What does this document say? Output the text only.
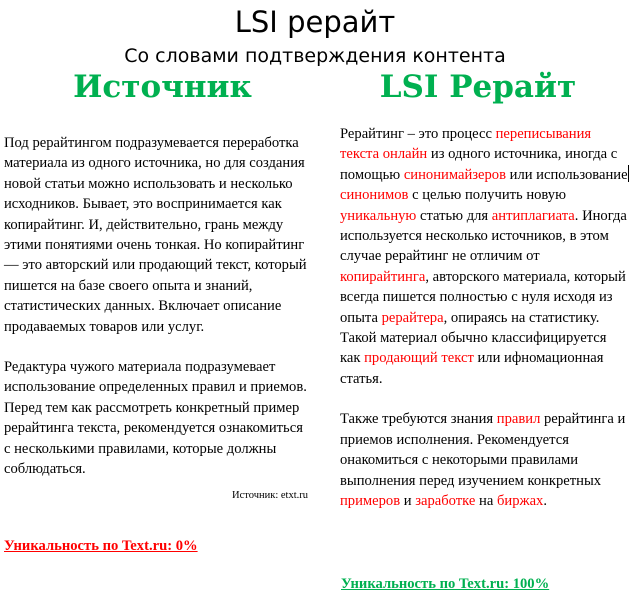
LSI рерайт
Со словами подтверждения контента
Источник	LSI Рерайт

Под рерайтингом подразумевается переработка материала из одного источника, но для создания новой статьи можно использовать и несколько исходников. Бывает, это воспринимается как копирайтинг. И, действительно, грань между этими понятиями очень тонкая. Но копирайтинг — это авторский или продающий текст, который пишется на базе своего опыта и знаний, статистических данных. Включает описание продаваемых товаров или услуг.

Редактура чужого материала подразумевает использование определенных правил и приемов. Перед тем как рассмотреть конкретный пример рерайтинга текста, рекомендуется ознакомиться с несколькими правилами, которые должны соблюдаться.

Источник: etxt.ru
Уникальность по Text.ru: 0%

Рерайтинг – это процесс переписывания текста онлайн из одного источника, иногда с помощью синонимайзеров или использованиесинонимов с целью получить новую уникальную статью для антиплагиата. Иногда используется несколько источников, в этом случае рерайтинг не отличим от копирайтинга, авторского материала, который всегда пишется полностью с нуля исходя из опыта рерайтера, опираясь на статистику. Такой материал обычно классифицируется как продающий текст или ифномационная статья.

Также требуются знания правил рерайтинга и приемов исполнения. Рекомендуется онакомиться с некоторыми правилами выполнения перед изучением конкретных примеров и заработке на биржах.

Уникальность по Text.ru: 100%
